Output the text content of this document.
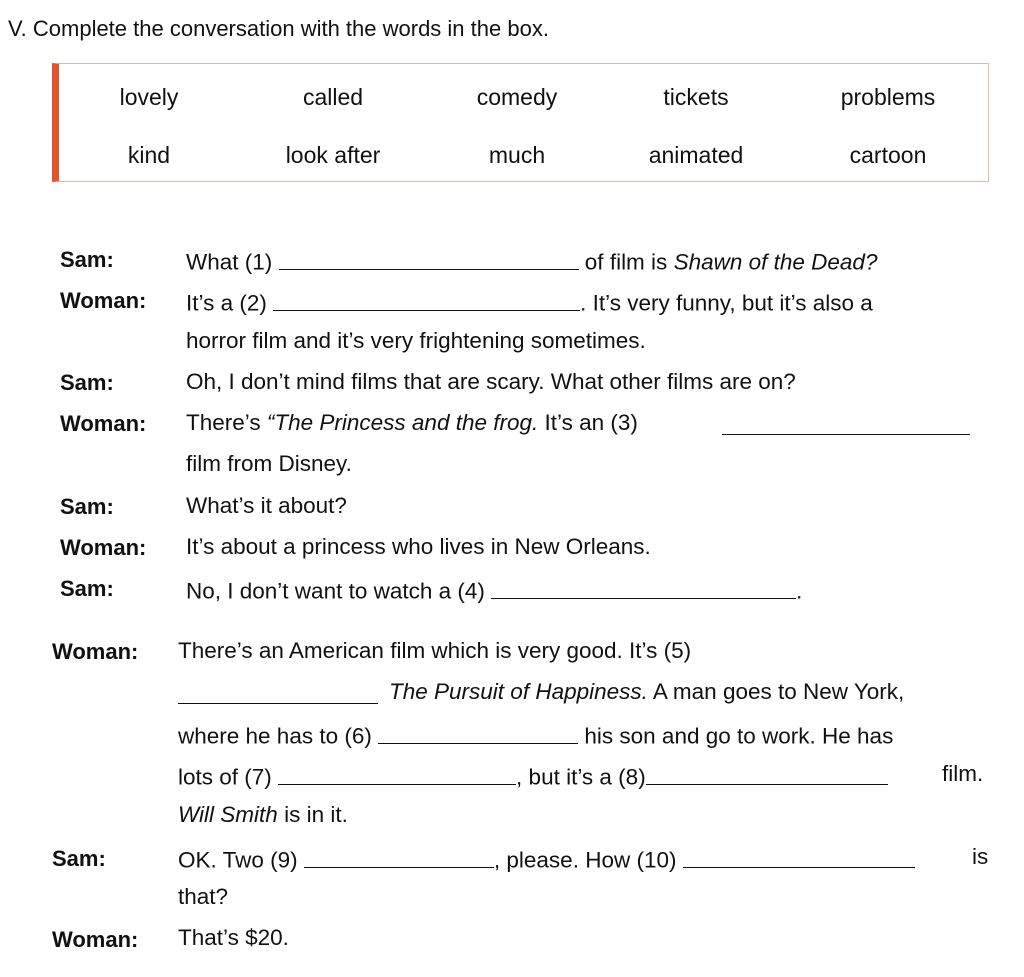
V. Complete the conversation with the words in the box.
lovely	called	comedy	tickets	problems
kind	look after	much	animated	cartoon
Sam:	What (1)	of film is Shawn of the Dead?
Woman: It’s a (2)	. It’s very funny, but it’s also a
horror film and it’s very frightening sometimes.
Sam:	Oh, I don’t mind films that are scary. What other films are on?
Woman: There’s “The Princess and the frog. It’s an (3)
film from Disney.
Sam:	What’s it about?
Woman: It’s about a princess who lives in New Orleans.
Sam:	No, I don’t want to watch a (4)	.
Woman: There’s an American film which is very good. It’s (5)
The Pursuit of Happiness. A man goes to New York,
where he has to (6)	his son and go to work. He has
lots of (7)	, but it’s a (8)	film.
Will Smith is in it.
Sam:	OK. Two (9)	, please. How (10)	is
that?
Woman: That’s $20.
